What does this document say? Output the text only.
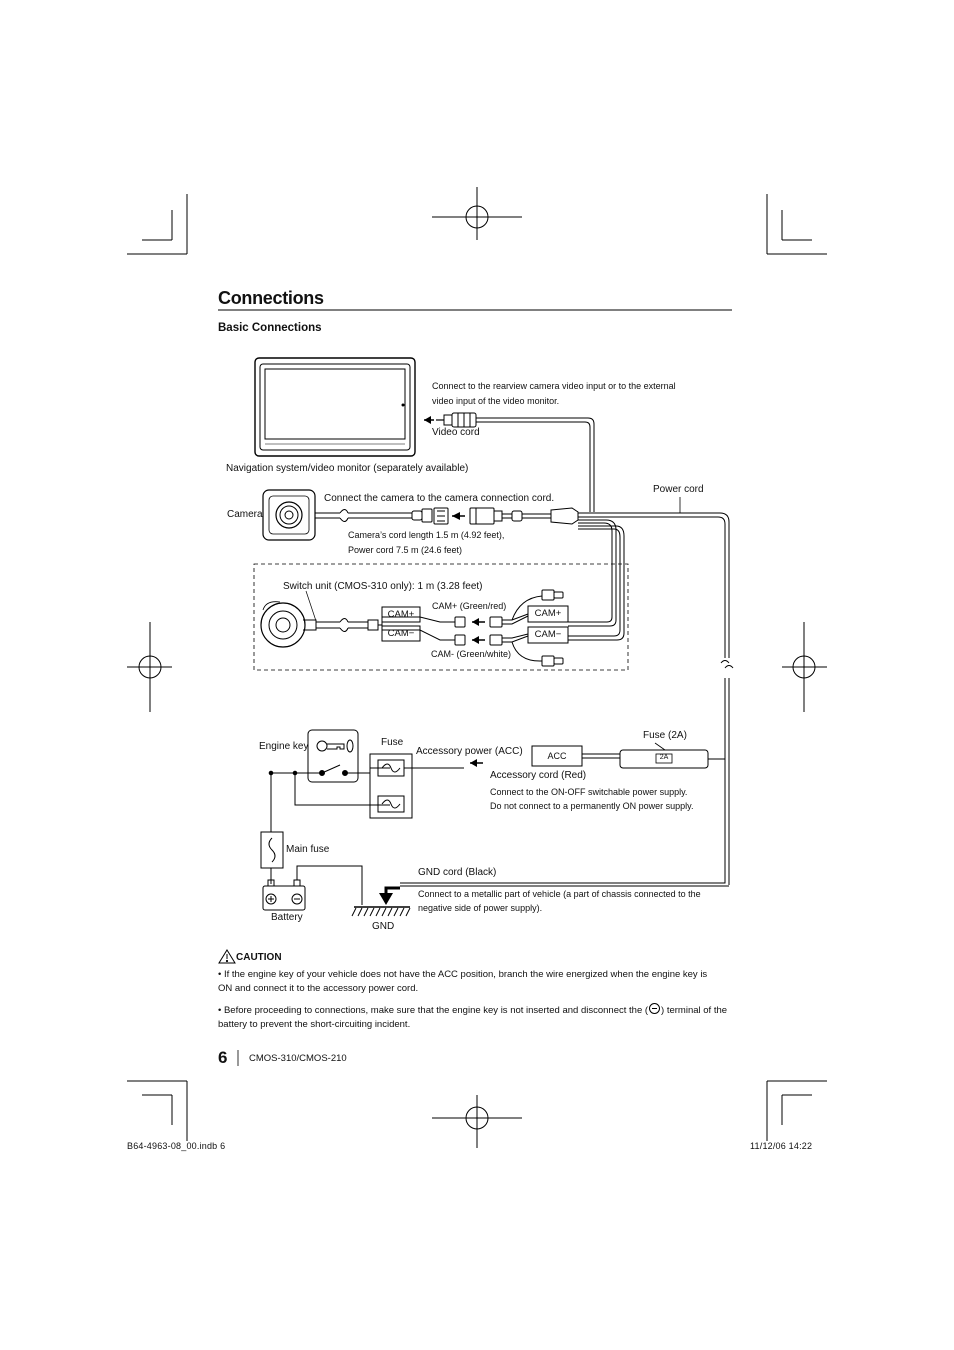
Connections
Basic Connections
Connect to the rearview camera video input or to the external video input of the video monitor.
Video cord
Navigation system/video monitor (separately available)
Camera
Connect the camera to the camera connection cord.
Power cord
Camera’s cord length 1.5 m (4.92 feet),
Power cord 7.5 m (24.6 feet)
Switch unit (CMOS-310 only): 1 m (3.28 feet)
CAM+ (Green/red)
CAM- (Green/white)
CAM+
CAM−
CAM+
CAM−
Engine key	Fuse
Accessory power (ACC)	ACC
Fuse (2A)
2A
Accessory cord (Red)
Connect to the ON-OFF switchable power supply.
Do not connect to a permanently ON power supply.
Main fuse
GND cord (Black)
Connect to a metallic part of vehicle (a part of chassis connected to the negative side of power supply).
Battery
GND
CAUTION
• If the engine key of your vehicle does not have the ACC position, branch the wire energized when the engine key is ON and connect it to the accessory power cord.
• Before proceeding to connections, make sure that the engine key is not inserted and disconnect the ( ) terminal of the battery to prevent the short-circuiting incident.
6 CMOS-310/CMOS-210
B64-4963-08_00.indb 6	11/12/06 14:22
